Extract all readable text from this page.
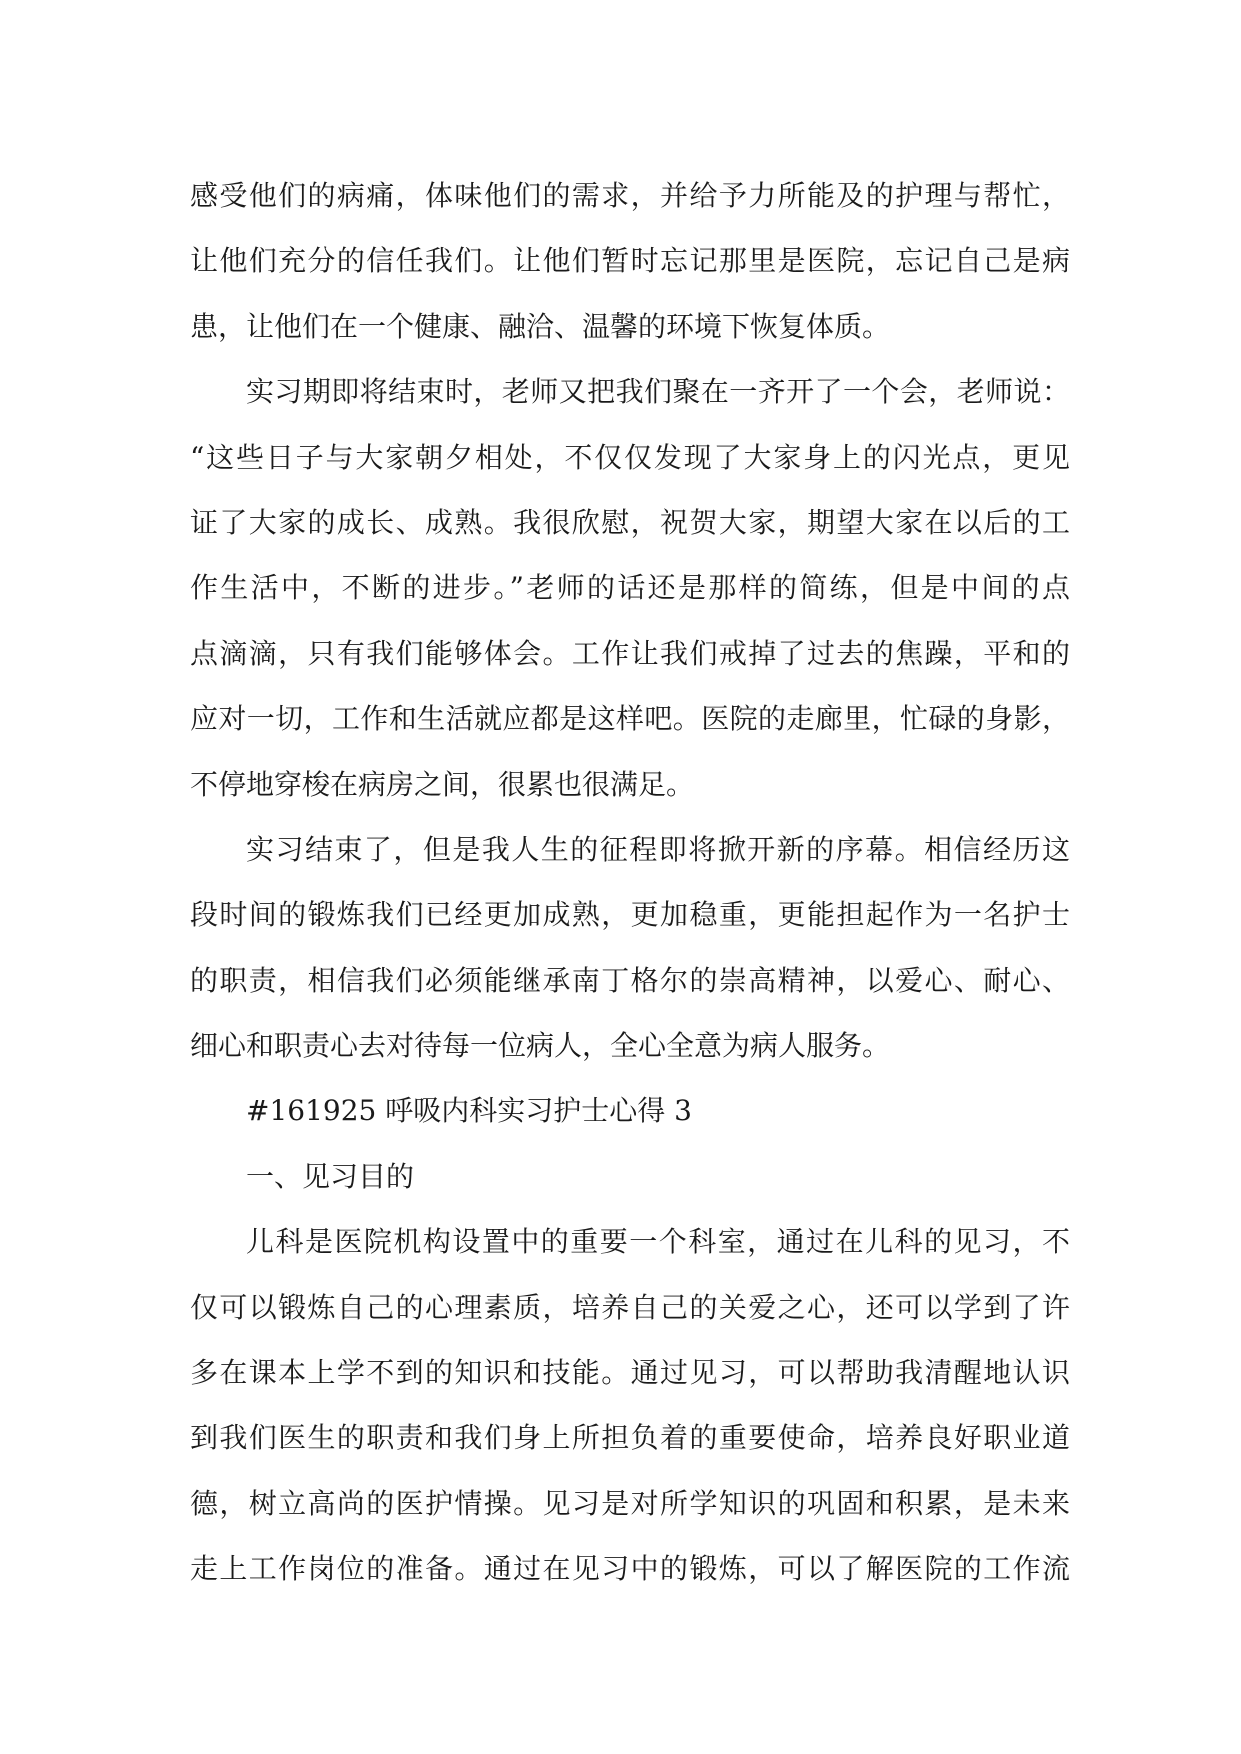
感受他们的病痛，体味他们的需求，并给予力所能及的护理与帮忙，
让他们充分的信任我们。让他们暂时忘记那里是医院，忘记自己是病
患，让他们在一个健康、融洽、温馨的环境下恢复体质。
实习期即将结束时，老师又把我们聚在一齐开了一个会，老师说：
“这些日子与大家朝夕相处，不仅仅发现了大家身上的闪光点，更见
证了大家的成长、成熟。我很欣慰，祝贺大家，期望大家在以后的工
作生活中，不断的进步。”老师的话还是那样的简练，但是中间的点
点滴滴，只有我们能够体会。工作让我们戒掉了过去的焦躁，平和的
应对一切，工作和生活就应都是这样吧。医院的走廊里，忙碌的身影，
不停地穿梭在病房之间，很累也很满足。
实习结束了，但是我人生的征程即将掀开新的序幕。相信经历这
段时间的锻炼我们已经更加成熟，更加稳重，更能担起作为一名护士
的职责，相信我们必须能继承南丁格尔的崇高精神，以爱心、耐心、
细心和职责心去对待每一位病人，全心全意为病人服务。
#161925 呼吸内科实习护士心得 3
一、见习目的
儿科是医院机构设置中的重要一个科室，通过在儿科的见习，不
仅可以锻炼自己的心理素质，培养自己的关爱之心，还可以学到了许
多在课本上学不到的知识和技能。通过见习，可以帮助我清醒地认识
到我们医生的职责和我们身上所担负着的重要使命，培养良好职业道
德，树立高尚的医护情操。见习是对所学知识的巩固和积累，是未来
走上工作岗位的准备。通过在见习中的锻炼，可以了解医院的工作流
